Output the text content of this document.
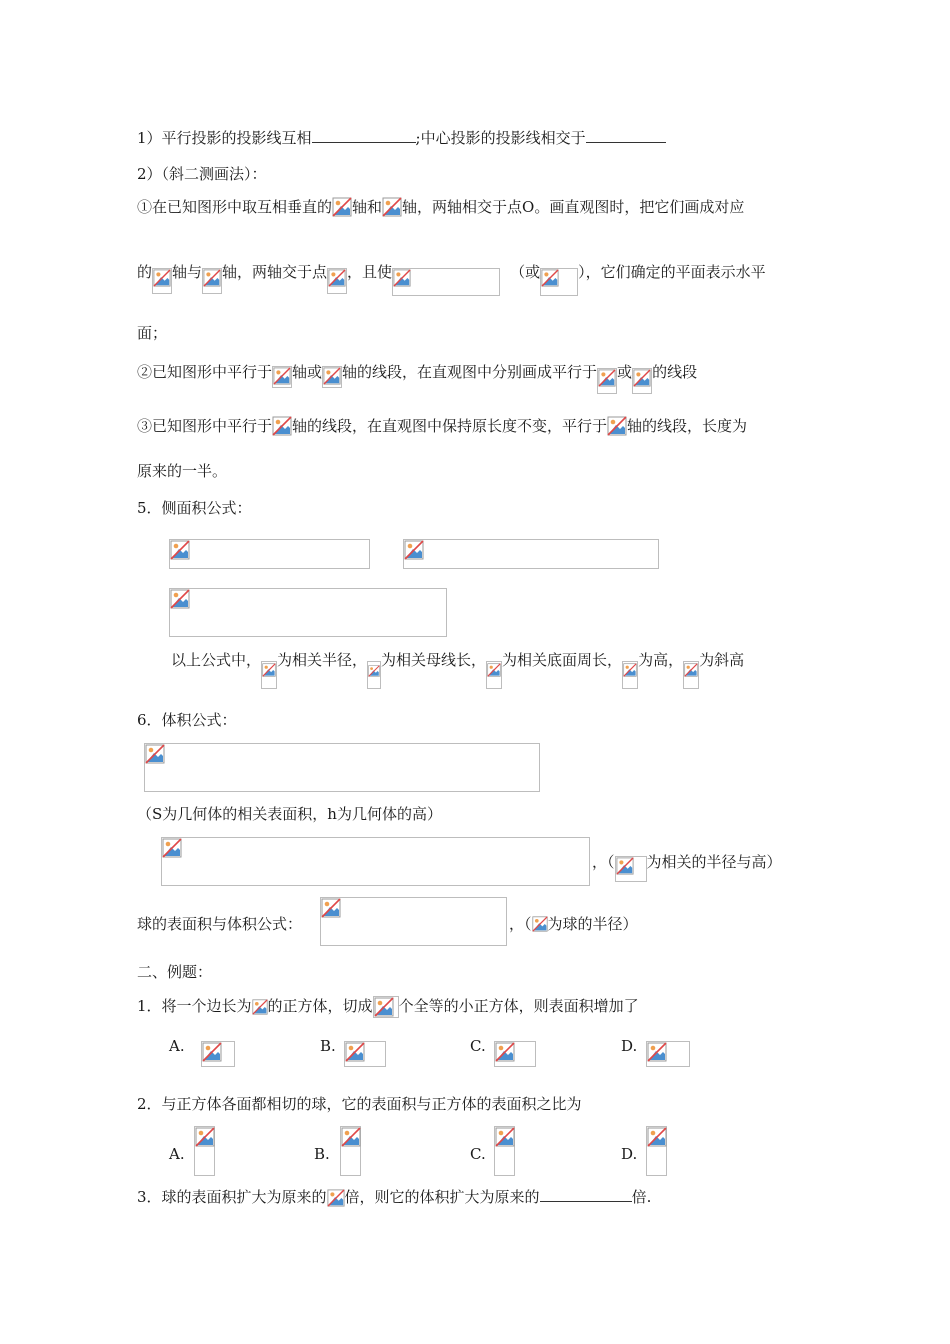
1）平行投影的投影线互相	;中心投影的投影线相交于
2）（斜二测画法）：
①在已知图形中取互相垂直的 轴和 轴，两轴相交于点O。画直观图时，把它们画成对应
的 轴与 轴，两轴交于点 ，且使	（或	），它们确定的平面表示水平
面；
②已知图形中平行于 轴或 轴的线段，在直观图中分别画成平行于 或 的线段
③已知图形中平行于 轴的线段，在直观图中保持原长度不变，平行于 轴的线段，长度为
原来的一半。
5．侧面积公式：
以上公式中， 为相关半径， 为相关母线长， 为相关底面周长， 为高， 为斜高
6．体积公式：
（S为几何体的相关表面积，h为几何体的高）
，（ 为相关的半径与高）
球的表面积与体积公式：	，（ 为球的半径）
二、例题：
1．将一个边长为 的正方体，切成 个全等的小正方体，则表面积增加了
A.	B.	C.	D.
2．与正方体各面都相切的球，它的表面积与正方体的表面积之比为
A.	B.	C.	D.
3．球的表面积扩大为原来的 倍，则它的体积扩大为原来的	倍.
